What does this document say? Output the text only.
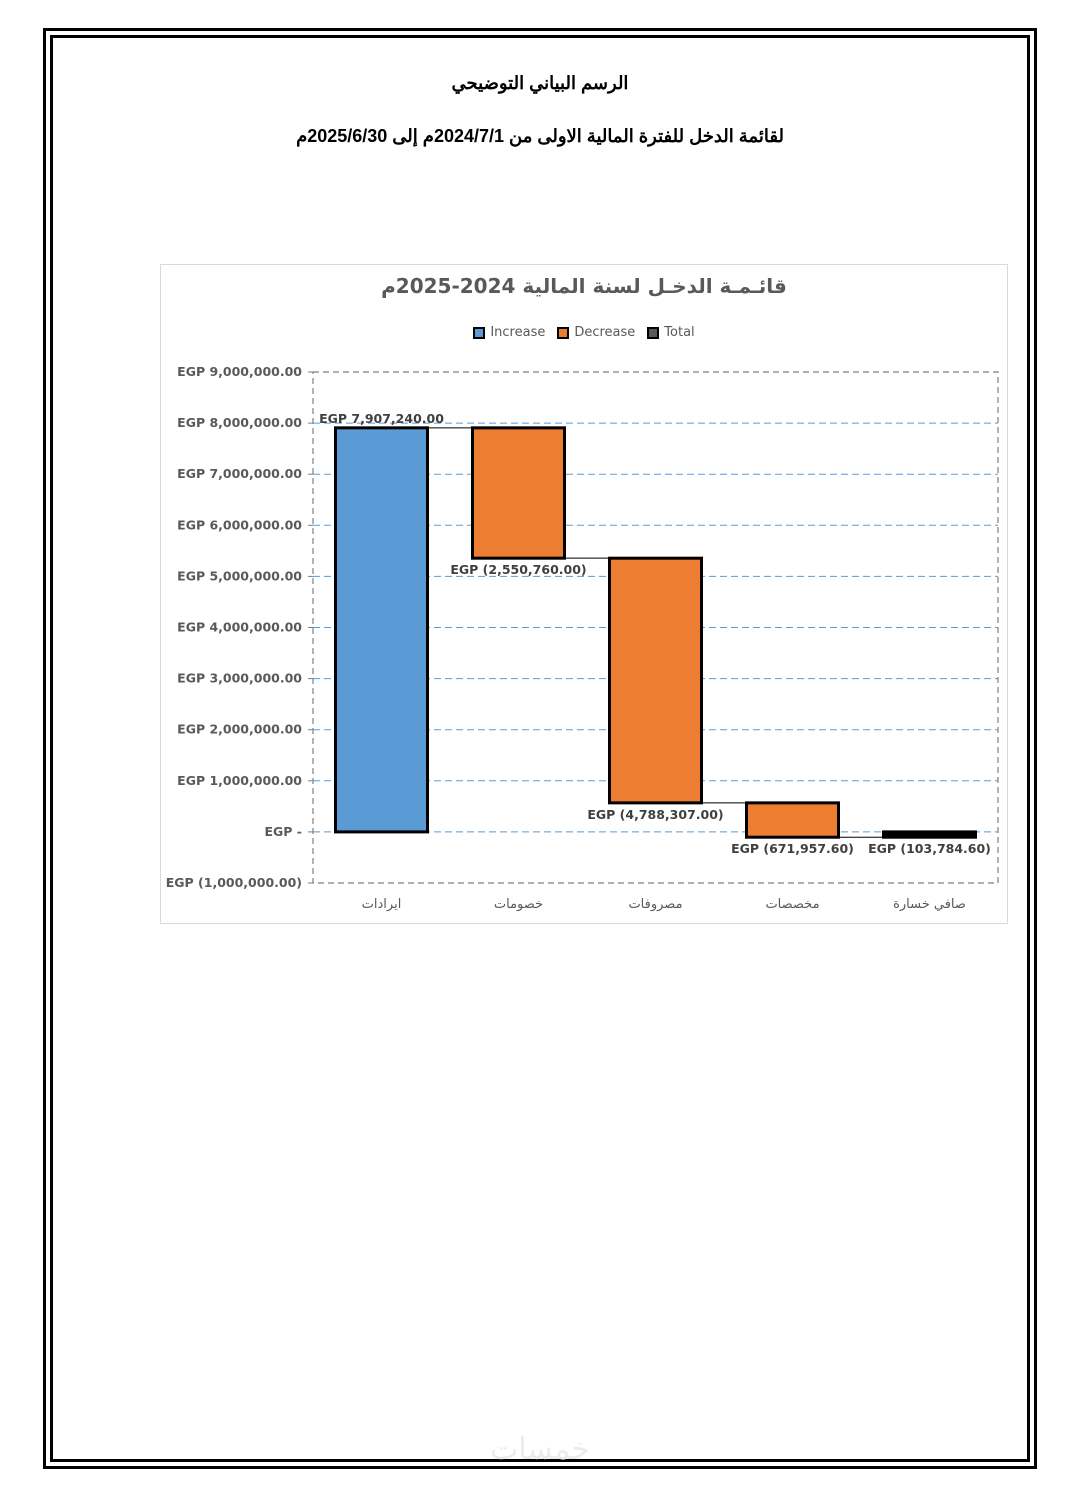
الرسم البياني التوضيحي
لقائمة الدخل للفترة المالية الاولى من 2024/7/1م إلى 2025/6/30م
قائـمـة الدخـل لسنة المالية 2024-2025م
Increase Decrease Total
EGP 9,000,000.00
EGP 8,000,000.00
EGP 7,000,000.00
EGP 6,000,000.00
EGP 5,000,000.00
EGP 4,000,000.00
EGP 3,000,000.00
EGP 2,000,000.00
EGP 1,000,000.00
EGP -
EGP (1,000,000.00)
EGP 7,907,240.00
EGP (2,550,760.00)
EGP (4,788,307.00)
EGP (671,957.60) EGP (103,784.60)
ايرادات	خصومات	مصروفات	مخصصات	صافي خسارة
خمسات
